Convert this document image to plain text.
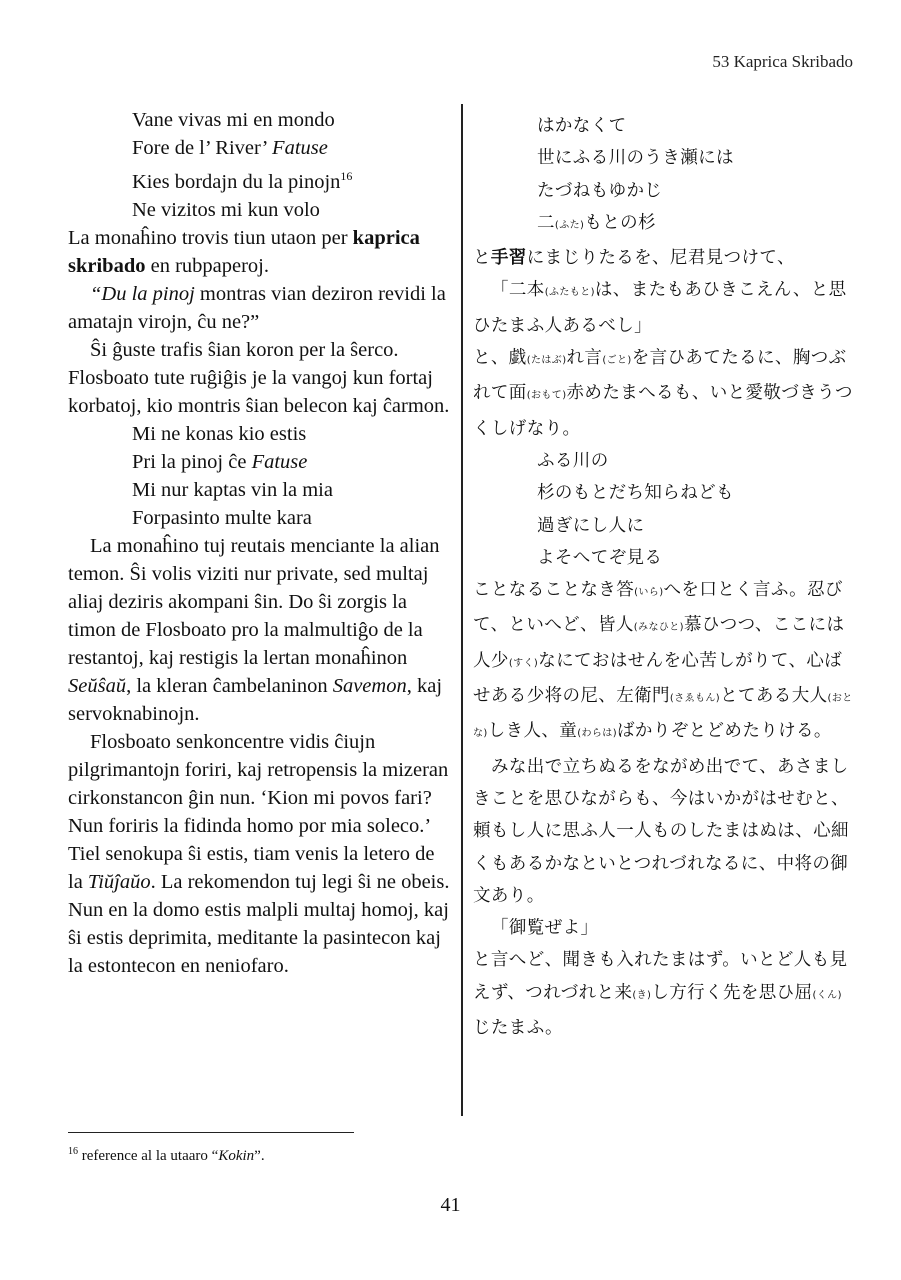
53 Kaprica Skribado

Vane vivas mi en mondo

Fore de l’ River’ Fatuse

Kies bordajn du la pinojn$^{16}$

Ne vizitos mi kun volo

La monaĥino trovis tiun utaon per kaprica skribado en rubpaperoj.

“Du la pinoj montras vian deziron revidi la amatajn virojn, ĉu ne?”

Ŝi ĝuste trafis ŝian koron per la ŝerco. Flosboato tute ruĝiĝis je la vangoj kun fortaj korbatoj, kio montris ŝian belecon kaj ĉarmon.

Mi ne konas kio estis

Pri la pinoj ĉe Fatuse

Mi nur kaptas vin la mia

Forpasinto multe kara

La monaĥino tuj reutais menciante la alian temon. Ŝi volis viziti nur private, sed multaj aliaj deziris akompani ŝin. Do ŝi zorgis la timon de Flosboato pro la malmultiĝo de la restantoj, kaj restigis la lertan monaĥinon Seŭŝaŭ, la kleran ĉambelaninon Savemon, kaj servoknabinojn.

Flosboato senkoncentre vidis ĉiujn pilgrimantojn foriri, kaj retropensis la mizeran cirkonstancon ĝin nun. ‘Kion mi povos fari? Nun foriris la fidinda homo por mia soleco.’ Tiel senokupa ŝi estis, tiam venis la letero de la Tiŭĵaŭo. La rekomendon tuj legi ŝi ne obeis. Nun en la domo estis malpli multaj homoj, kaj ŝi estis deprimita, meditante la pasintecon kaj la estontecon en neniofaro.

はかなくて

世にふる川のうき瀬には

たづねもゆかじ

二(ふた)もとの杉

と手習にまじりたるを、尼君見つけて、

「二本(ふたもと)は、またもあひきこえん、と思ひたまふ人あるべし」

と、戯(たはぶ)れ言(ごと)を言ひあてたるに、胸つぶれて面(おもて)赤めたまへるも、いと愛敬づきうつくしげなり。

ふる川の

杉のもとだち知らねども

過ぎにし人に

よそへてぞ見る

ことなることなき答(いら)へを口とく言ふ。忍びて、といへど、皆人(みなひと)慕ひつつ、ここには人少(すく)なにておはせんを心苦しがりて、心ばせある少将の尼、左衛門(さゑもん)とてある大人(おとな)しき人、童(わらは)ばかりぞとどめたりける。

みな出で立ちぬるをながめ出でて、あさましきことを思ひながらも、今はいかがはせむと、頼もし人に思ふ人一人ものしたまはぬは、心細くもあるかなといとつれづれなるに、中将の御文あり。

「御覧ぜよ」

と言へど、聞きも入れたまはず。いとど人も見えず、つれづれと来(き)し方行く先を思ひ屈(くん)じたまふ。

$^{16}$ reference al la utaaro “Kokin”.
41
